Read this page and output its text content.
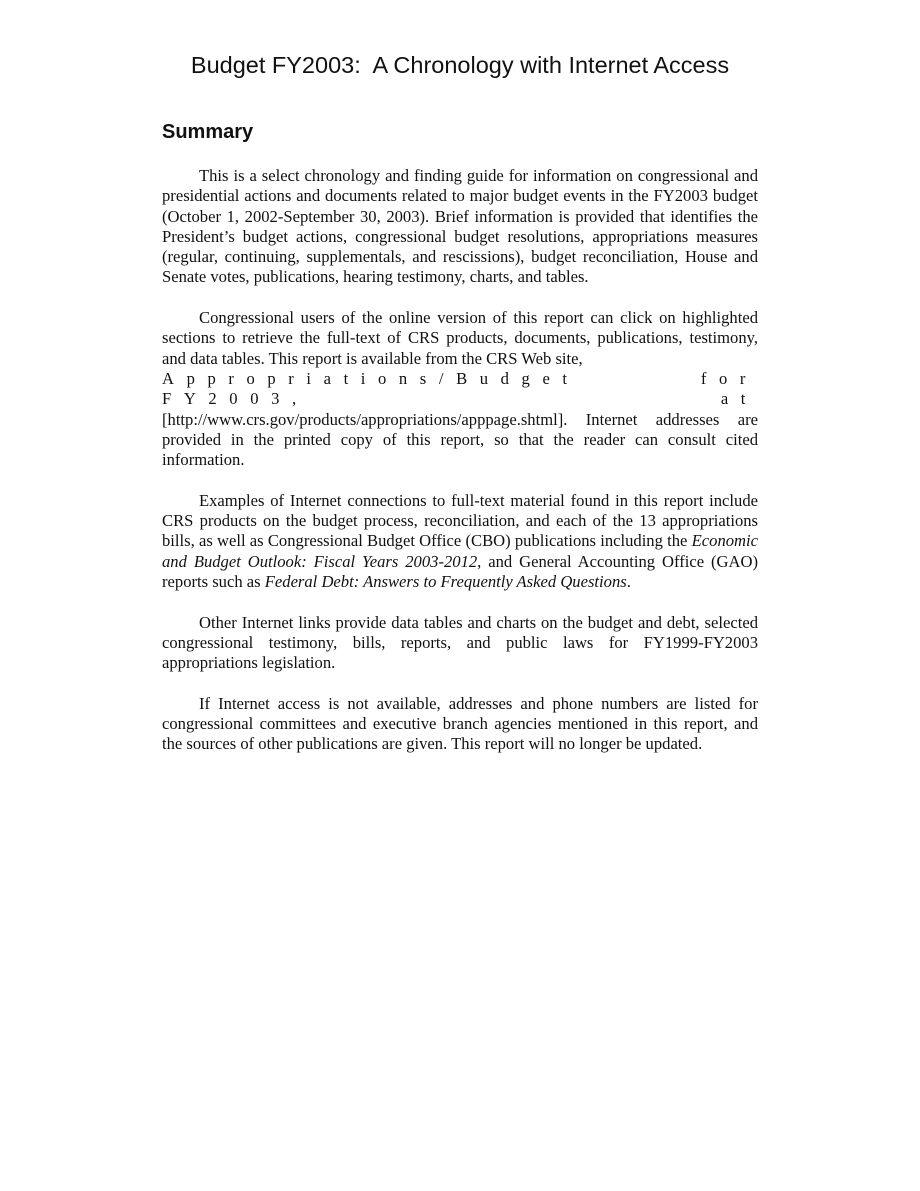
Budget FY2003:  A Chronology with Internet Access
Summary

This is a select chronology and finding guide for information on congressional and presidential actions and documents related to major budget events in the FY2003 budget (October 1, 2002-September 30, 2003). Brief information is provided that identifies the President’s budget actions, congressional budget resolutions, appropriations measures (regular, continuing, supplementals, and rescissions), budget reconciliation, House and Senate votes, publications, hearing testimony, charts, and tables.

Congressional users of the online version of this report can click on highlighted sections to retrieve the full-text of CRS products, documents, publications, testimony, and data tables. This report is available from the CRS Web site,
Appropriations/Budget for FY2003, at
[http://www.crs.gov/products/appropriations/apppage.shtml]. Internet addresses are provided in the printed copy of this report, so that the reader can consult cited information.

Examples of Internet connections to full-text material found in this report include CRS products on the budget process, reconciliation, and each of the 13 appropriations bills, as well as Congressional Budget Office (CBO) publications including the Economic and Budget Outlook: Fiscal Years 2003-2012, and General Accounting Office (GAO) reports such as Federal Debt: Answers to Frequently Asked Questions.

Other Internet links provide data tables and charts on the budget and debt, selected congressional testimony, bills, reports, and public laws for FY1999-FY2003 appropriations legislation.

If Internet access is not available, addresses and phone numbers are listed for congressional committees and executive branch agencies mentioned in this report, and the sources of other publications are given. This report will no longer be updated.
